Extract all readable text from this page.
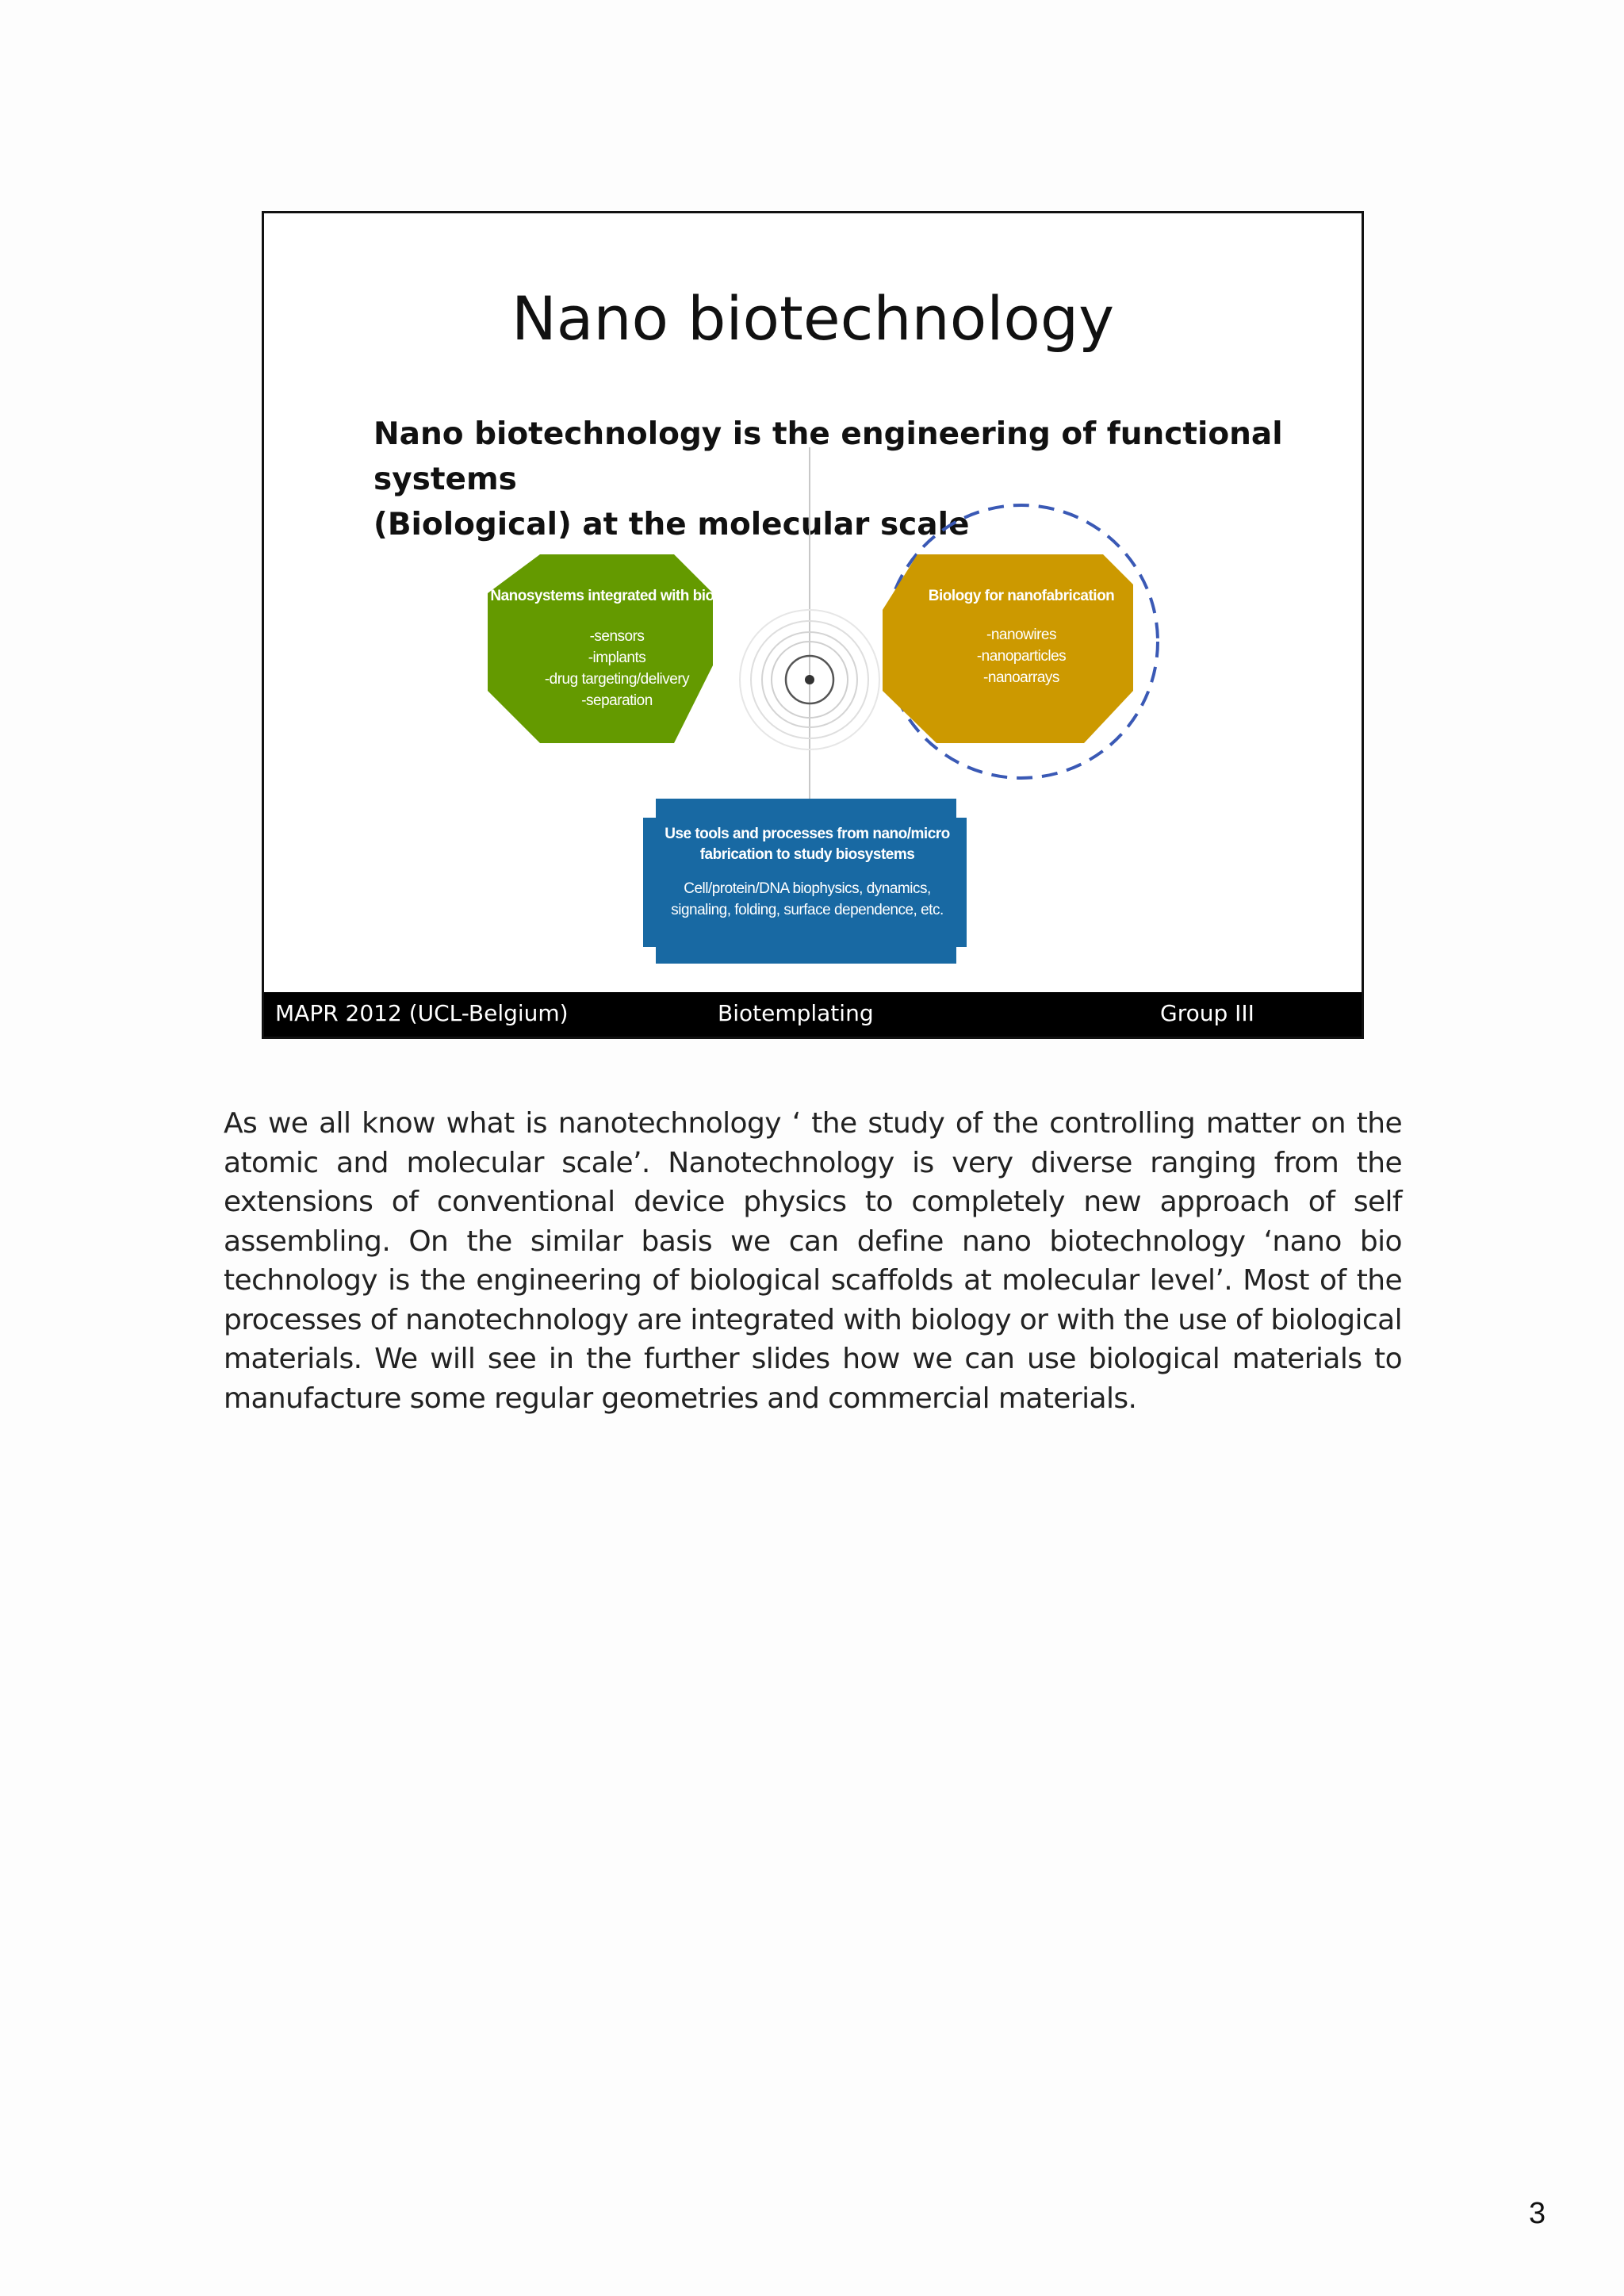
Nano biotechnology
Nano biotechnology is the engineering of functional systems
(Biological) at the molecular scale
Nanosystems integrated with biology
-sensors
-implants
-drug targeting/delivery
-separation
Biology for nanofabrication
-nanowires
-nanoparticles
-nanoarrays
Use tools and processes from nano/micro
fabrication to study biosystems
Cell/protein/DNA biophysics, dynamics,
signaling, folding, surface dependence, etc.
MAPR 2012 (UCL-Belgium)	Biotemplating	Group III
As we all know what is nanotechnology ‘ the study of the controlling matter on the atomic and molecular scale’. Nanotechnology is very diverse ranging from the extensions of conventional device physics to completely new approach of self assembling. On the similar basis we can define nano biotechnology ‘nano bio technology is the engineering of biological scaffolds at molecular level’. Most of the processes of nanotechnology are integrated with biology or with the use of biological materials. We will see in the further slides how we can use biological materials to manufacture some regular geometries and commercial materials.
3
